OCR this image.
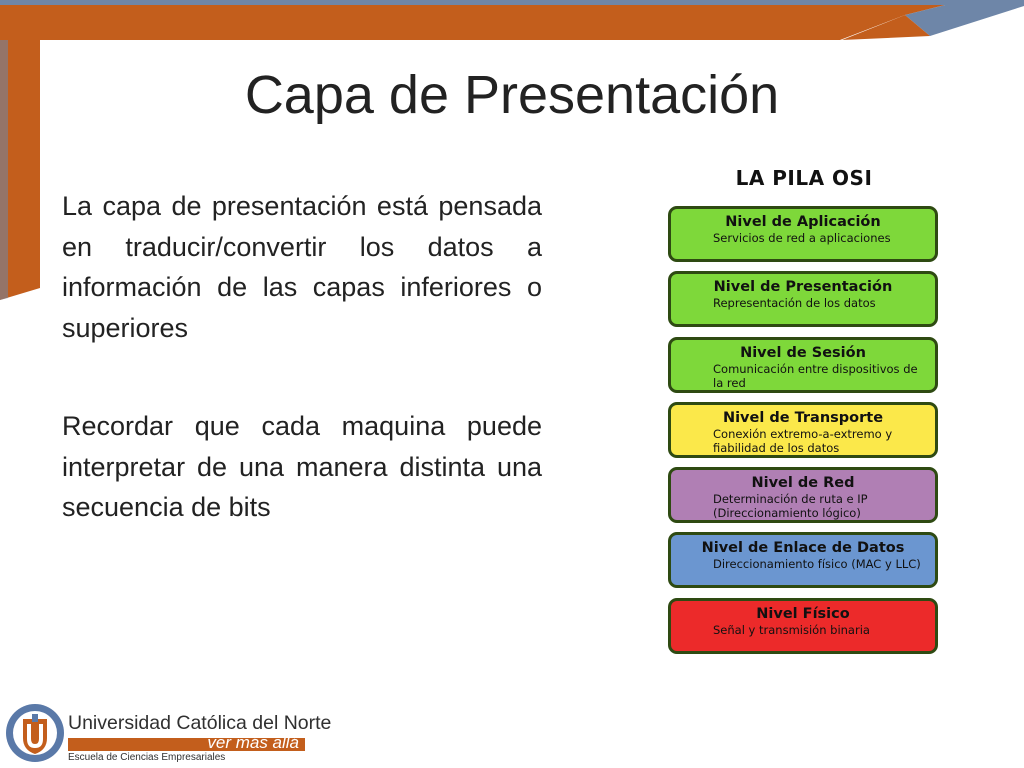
Capa de Presentación

La capa de presentación está pensada en traducir/convertir los datos a información de las capas inferiores o superiores

Recordar que cada maquina puede interpretar de una manera distinta una secuencia de bits

LA PILA OSI
Nivel de Aplicación
Servicios de red a aplicaciones
Nivel de Presentación
Representación de los datos
Nivel de Sesión
Comunicación entre dispositivos de la red
Nivel de Transporte
Conexión extremo-a-extremo y fiabilidad de los datos
Nivel de Red
Determinación de ruta e IP (Direccionamiento lógico)
Nivel de Enlace de Datos
Direccionamiento físico (MAC y LLC)
Nivel Físico
Señal y transmisión binaria
Universidad Católica del Norte
ver más allá
Escuela de Ciencias Empresariales
